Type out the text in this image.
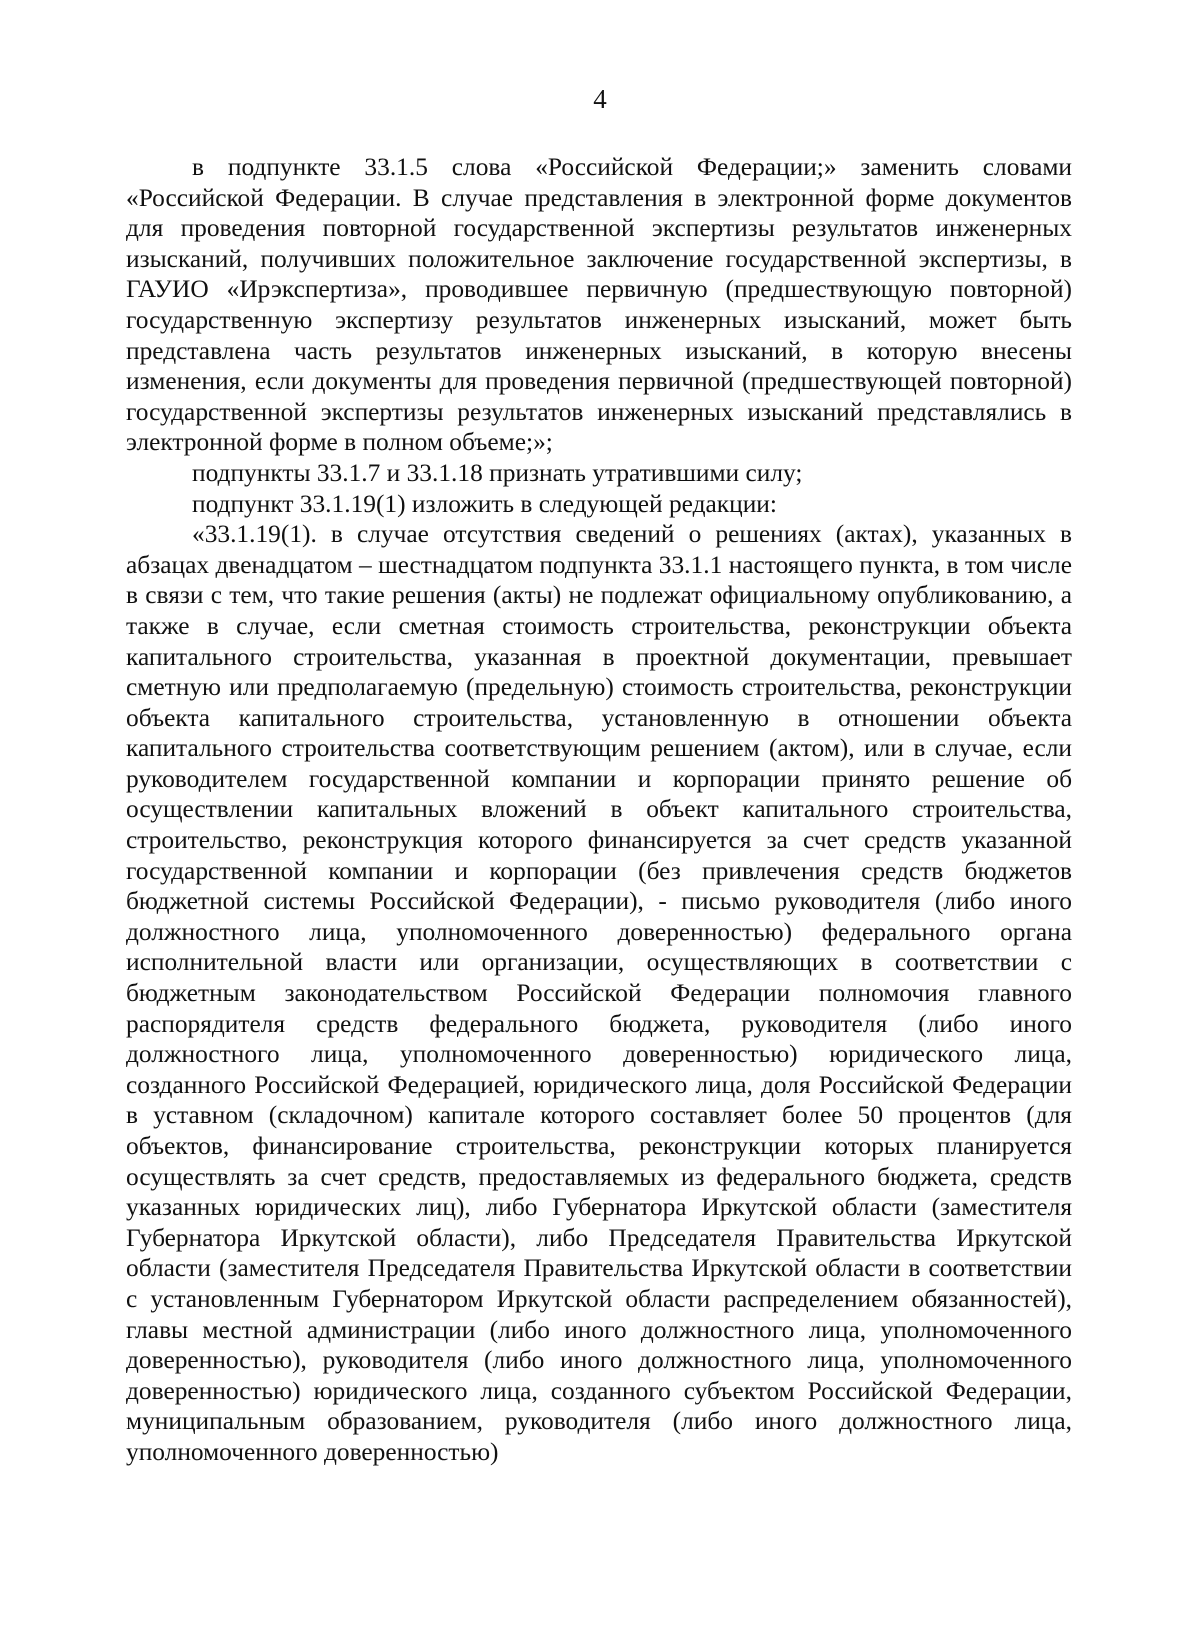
4

в подпункте 33.1.5 слова «Российской Федерации;» заменить словами «Российской Федерации. В случае представления в электронной форме документов для проведения повторной государственной экспертизы результатов инженерных изысканий, получивших положительное заключение государственной экспертизы, в ГАУИО «Ирэкспертиза», проводившее первичную (предшествующую повторной) государственную экспертизу результатов инженерных изысканий, может быть представлена часть результатов инженерных изысканий, в которую внесены изменения, если документы для проведения первичной (предшествующей повторной) государственной экспертизы результатов инженерных изысканий представлялись в электронной форме в полном объеме;»;

подпункты 33.1.7 и 33.1.18 признать утратившими силу;

подпункт 33.1.19(1) изложить в следующей редакции:

«33.1.19(1). в случае отсутствия сведений о решениях (актах), указанных в абзацах двенадцатом – шестнадцатом подпункта 33.1.1 настоящего пункта, в том числе в связи с тем, что такие решения (акты) не подлежат официальному опубликованию, а также в случае, если сметная стоимость строительства, реконструкции объекта капитального строительства, указанная в проектной документации, превышает сметную или предполагаемую (предельную) стоимость строительства, реконструкции объекта капитального строительства, установленную в отношении объекта капитального строительства соответствующим решением (актом), или в случае, если руководителем государственной компании и корпорации принято решение об осуществлении капитальных вложений в объект капитального строительства, строительство, реконструкция которого финансируется за счет средств указанной государственной компании и корпорации (без привлечения средств бюджетов бюджетной системы Российской Федерации), - письмо руководителя (либо иного должностного лица, уполномоченного доверенностью) федерального органа исполнительной власти или организации, осуществляющих в соответствии с бюджетным законодательством Российской Федерации полномочия главного распорядителя средств федерального бюджета, руководителя (либо иного должностного лица, уполномоченного доверенностью) юридического лица, созданного Российской Федерацией, юридического лица, доля Российской Федерации в уставном (складочном) капитале которого составляет более 50 процентов (для объектов, финансирование строительства, реконструкции которых планируется осуществлять за счет средств, предоставляемых из федерального бюджета, средств указанных юридических лиц), либо Губернатора Иркутской области (заместителя Губернатора Иркутской области), либо Председателя Правительства Иркутской области (заместителя Председателя Правительства Иркутской области в соответствии с установленным Губернатором Иркутской области распределением обязанностей), главы местной администрации (либо иного должностного лица, уполномоченного доверенностью), руководителя (либо иного должностного лица, уполномоченного доверенностью) юридического лица, созданного субъектом Российской Федерации, муниципальным образованием, руководителя (либо иного должностного лица, уполномоченного доверенностью)
